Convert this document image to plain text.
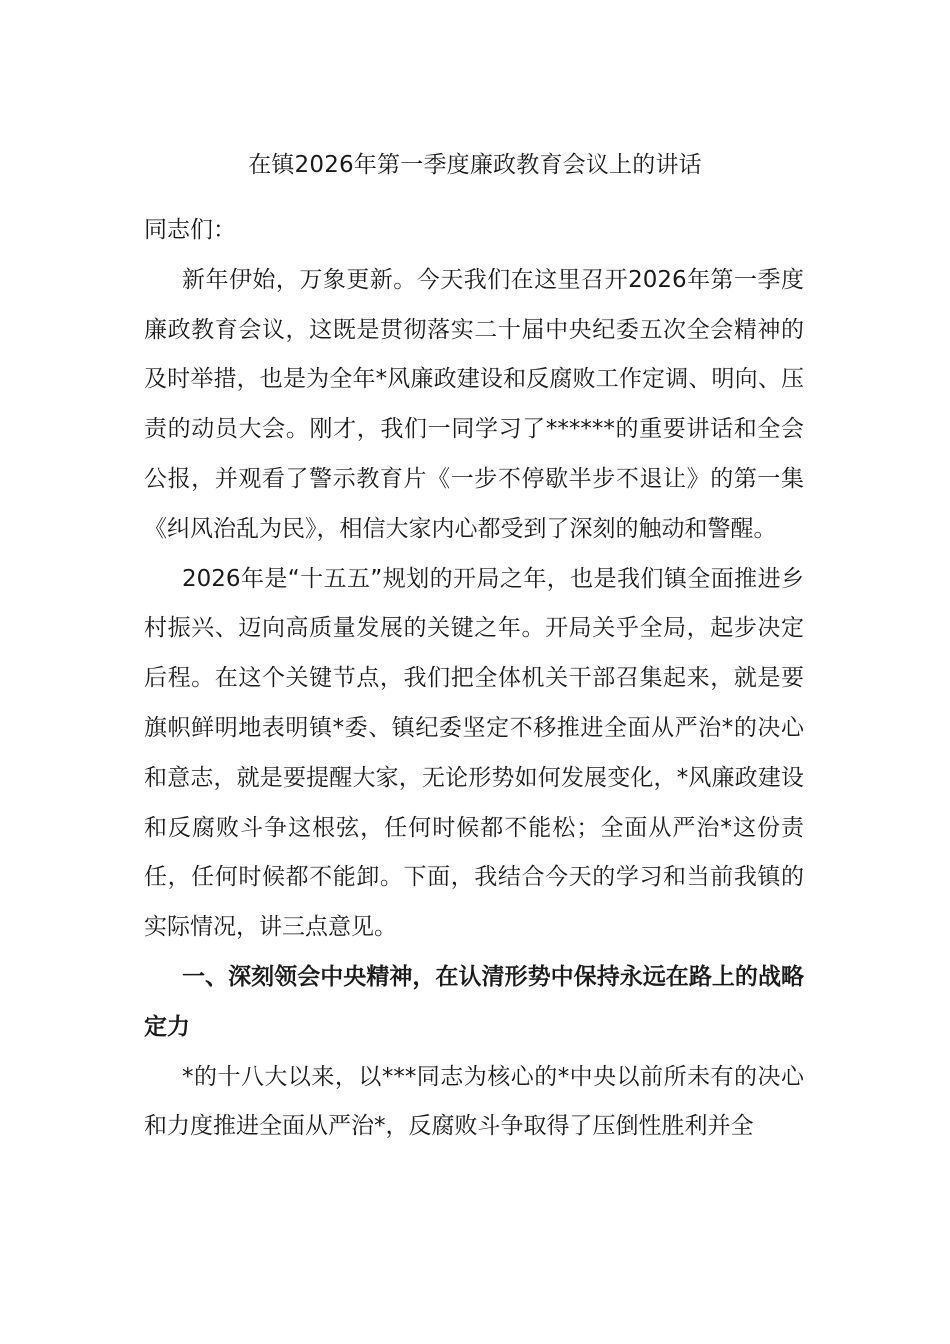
在镇2026年第一季度廉政教育会议上的讲话

同志们：

新年伊始，万象更新。今天我们在这里召开2026年第一季度廉政教育会议，这既是贯彻落实二十届中央纪委五次全会精神的及时举措，也是为全年*风廉政建设和反腐败工作定调、明向、压责的动员大会。刚才，我们一同学习了******的重要讲话和全会公报，并观看了警示教育片《一步不停歇半步不退让》的第一集《纠风治乱为民》，相信大家内心都受到了深刻的触动和警醒。

2026年是“十五五”规划的开局之年，也是我们镇全面推进乡村振兴、迈向高质量发展的关键之年。开局关乎全局，起步决定后程。在这个关键节点，我们把全体机关干部召集起来，就是要旗帜鲜明地表明镇*委、镇纪委坚定不移推进全面从严治*的决心和意志，就是要提醒大家，无论形势如何发展变化，*风廉政建设和反腐败斗争这根弦，任何时候都不能松；全面从严治*这份责任，任何时候都不能卸。下面，我结合今天的学习和当前我镇的实际情况，讲三点意见。

一、深刻领会中央精神，在认清形势中保持永远在路上的战略定力

*的十八大以来，以***同志为核心的*中央以前所未有的决心和力度推进全面从严治*，反腐败斗争取得了压倒性胜利并全
